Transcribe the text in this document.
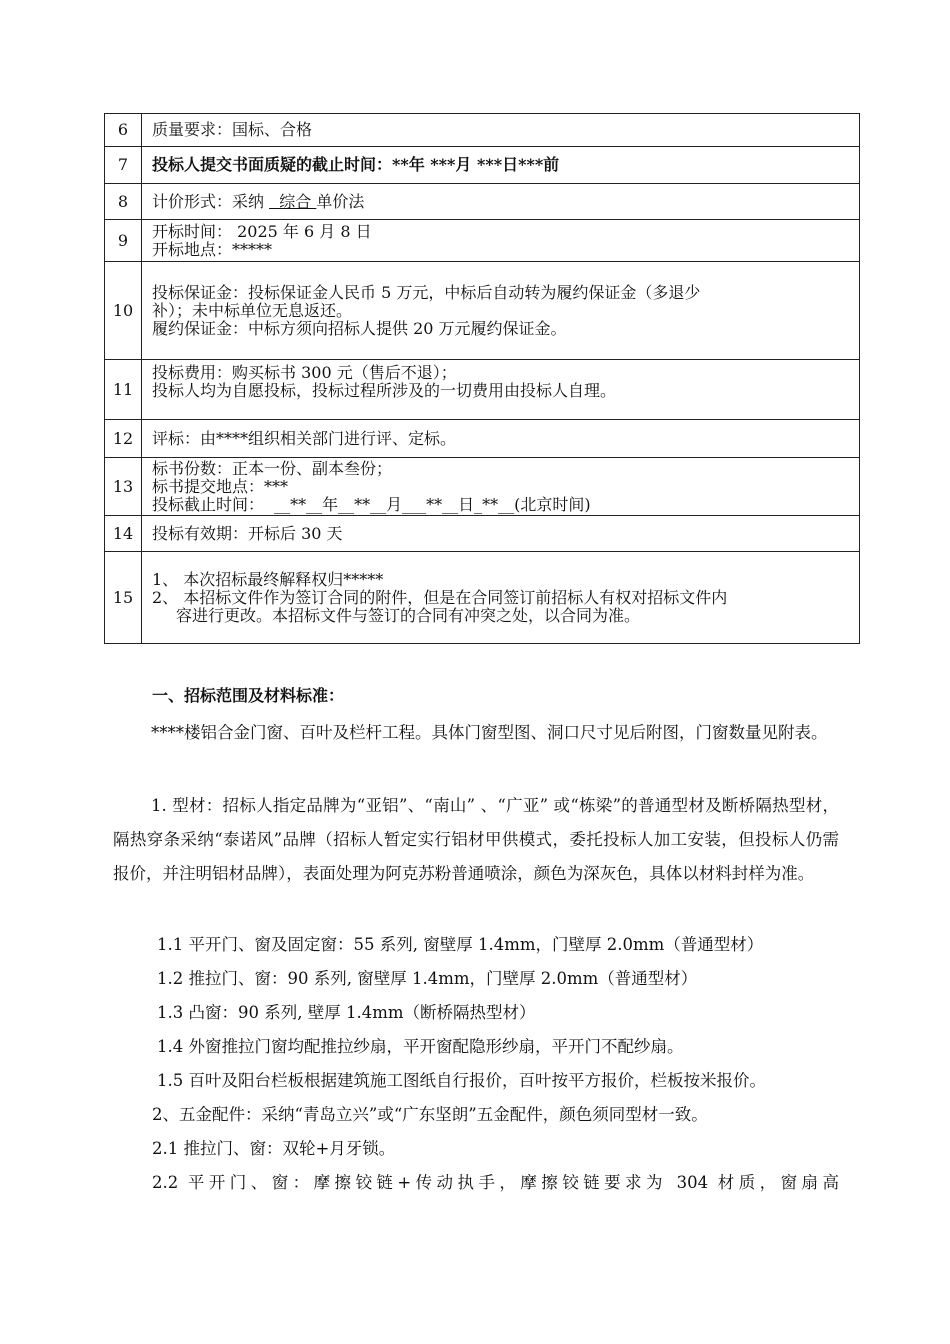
6	质量要求：国标、合格

7	投标人提交书面质疑的截止时间：**年 ***月 ***日***前

8	计价形式：采纳   综合 单价法
9	开标时间： 2025 年 6 月 8 日
开标地点：*****

10	投标保证金：投标保证金人民币 5 万元，中标后自动转为履约保证金（多退少
补）；未中标单位无息返还。
履约保证金：中标方须向招标人提供 20 万元履约保证金。

11	投标费用：购买标书 300 元（售后不退）；
投标人均为自愿投标，投标过程所涉及的一切费用由投标人自理。

12	评标：由****组织相关部门进行评、定标。

13	标书份数：正本一份、副本叁份；
标书提交地点：***
投标截止时间：  __**__年__**__月___**__日_**__(北京时间)

14	投标有效期：开标后 30 天

15	1、 本次招标最终解释权归*****
2、 本招标文件作为签订合同的附件，但是在合同签订前招标人有权对招标文件内
容进行更改。本招标文件与签订的合同有冲突之处，以合同为准。
一、招标范围及材料标准：
****楼铝合金门窗、百叶及栏杆工程。具体门窗型图、洞口尺寸见后附图，门窗数量见附表。
1. 型材：招标人指定品牌为“亚铝”、“南山” 、“广亚” 或“栋梁”的普通型材及断桥隔热型材，隔热穿条采纳“泰诺风”品牌（招标人暂定实行铝材甲供模式，委托投标人加工安装，但投标人仍需报价，并注明铝材品牌），表面处理为阿克苏粉普通喷涂，颜色为深灰色，具体以材料封样为准。
1.1 平开门、窗及固定窗：55 系列, 窗壁厚 1.4mm，门壁厚 2.0mm（普通型材）
1.2 推拉门、窗：90 系列, 窗壁厚 1.4mm，门壁厚 2.0mm（普通型材）
1.3 凸窗：90 系列, 壁厚 1.4mm（断桥隔热型材）
1.4 外窗推拉门窗均配推拉纱扇，平开窗配隐形纱扇，平开门不配纱扇。
1.5 百叶及阳台栏板根据建筑施工图纸自行报价，百叶按平方报价，栏板按米报价。
2、五金配件：采纳“青岛立兴”或“广东坚朗”五金配件，颜色须同型材一致。
2.1 推拉门、窗：双轮+月牙锁。
2.2 平开门、窗：摩擦铰链+传动执手，摩擦铰链要求为 304 材质，窗扇高
